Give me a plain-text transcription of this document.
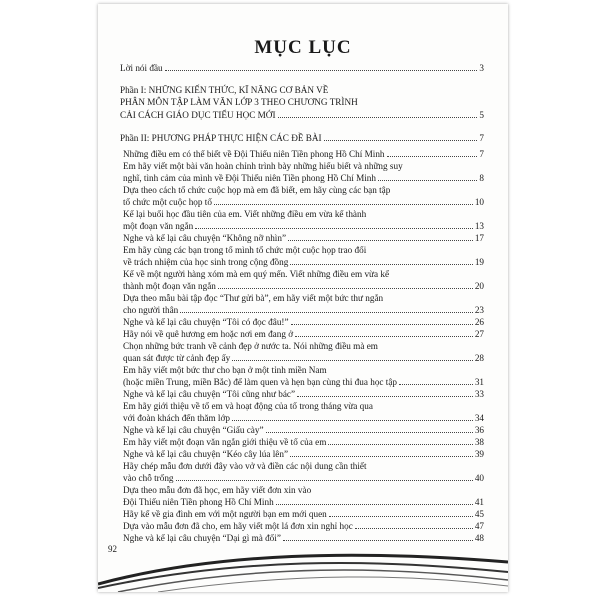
MỤC LỤC
Lời nói đầu	3
Phần I: NHỮNG KIẾN THỨC, KĨ NĂNG CƠ BẢN VỀ
PHÂN MÔN TẬP LÀM VĂN LỚP 3 THEO CHƯƠNG TRÌNH
CẢI CÁCH GIÁO DỤC TIỂU HỌC MỚI	5
Phần II: PHƯƠNG PHÁP THỰC HIỆN CÁC ĐỀ BÀI	7
Những điều em có thể biết về Đội Thiếu niên Tiền phong Hồ Chí Minh	7
Em hãy viết một bài văn hoàn chỉnh trình bày những hiểu biết và những suy
nghĩ, tình cảm của mình về Đội Thiếu niên Tiền phong Hồ Chí Minh	8
Dựa theo cách tổ chức cuộc họp mà em đã biết, em hãy cùng các bạn tập
tổ chức một cuộc họp tổ	10
Kể lại buổi học đầu tiên của em. Viết những điều em vừa kể thành
một đoạn văn ngắn	13
Nghe và kể lại câu chuyện “Không nỡ nhìn”	17
Em hãy cùng các bạn trong tổ mình tổ chức một cuộc họp trao đổi
về trách nhiệm của học sinh trong cộng đồng	19
Kể về một người hàng xóm mà em quý mến. Viết những điều em vừa kể
thành một đoạn văn ngắn	20
Dựa theo mẫu bài tập đọc “Thư gửi bà”, em hãy viết một bức thư ngắn
cho người thân	23
Nghe và kể lại câu chuyện “Tôi có đọc đâu!”	26
Hãy nói về quê hương em hoặc nơi em đang ở	27
Chọn những bức tranh về cảnh đẹp ở nước ta. Nói những điều mà em
quan sát được từ cảnh đẹp ấy	28
Em hãy viết một bức thư cho bạn ở một tỉnh miền Nam
(hoặc miền Trung, miền Bắc) để làm quen và hẹn bạn cùng thi đua học tập	31
Nghe và kể lại câu chuyện “Tôi cũng như bác”	33
Em hãy giới thiệu về tổ em và hoạt động của tổ trong tháng vừa qua
với đoàn khách đến thăm lớp	34
Nghe và kể lại câu chuyện “Giấu cày”	36
Em hãy viết một đoạn văn ngắn giới thiệu về tổ của em	38
Nghe và kể lại câu chuyện “Kéo cây lúa lên”	39
Hãy chép mẫu đơn dưới đây vào vở và điền các nội dung cần thiết
vào chỗ trống	40
Dựa theo mẫu đơn đã học, em hãy viết đơn xin vào
Đội Thiếu niên Tiền phong Hồ Chí Minh	41
Hãy kể về gia đình em với một người bạn em mới quen	45
Dựa vào mẫu đơn đã cho, em hãy viết một lá đơn xin nghỉ học	47
Nghe và kể lại câu chuyện “Dại gì mà đổi”	48
92
